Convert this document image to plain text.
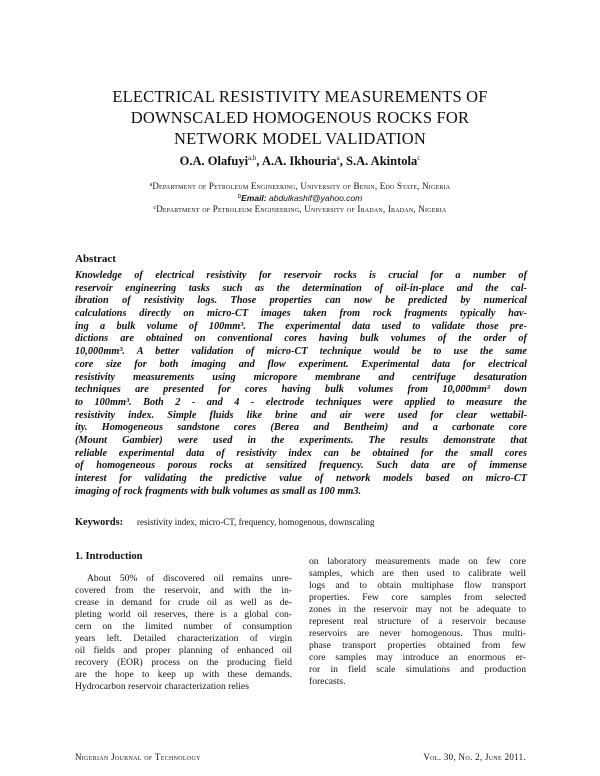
ELECTRICAL RESISTIVITY MEASUREMENTS OF
DOWNSCALED HOMOGENOUS ROCKS FOR
NETWORK MODEL VALIDATION
O.A. Olafuyi$^{a,b}$, A.A. Ikhouria$^a$, S.A. Akintola$^c$
$^a$Department of Petroleum Engineering, University of Benin, Edo State, Nigeria
$^b$Email: abdulkashif@yahoo.com
$^c$Department of Petroleum Engineering, University of Ibadan, Ibadan, Nigeria
Abstract
Knowledge of electrical resistivity for reservoir rocks is crucial for a number of
reservoir engineering tasks such as the determination of oil-in-place and the cal-
ibration of resistivity logs. Those properties can now be predicted by numerical
calculations directly on micro-CT images taken from rock fragments typically hav-
ing a bulk volume of 100mm³. The experimental data used to validate those pre-
dictions are obtained on conventional cores having bulk volumes of the order of
10,000mm³. A better validation of micro-CT technique would be to use the same
core size for both imaging and flow experiment. Experimental data for electrical
resistivity measurements using micropore membrane and centrifuge desaturation
techniques are presented for cores having bulk volumes from 10,000mm³ down
to 100mm³. Both 2 - and 4 - electrode techniques were applied to measure the
resistivity index. Simple fluids like brine and air were used for clear wettabil-
ity. Homogeneous sandstone cores (Berea and Bentheim) and a carbonate core
(Mount Gambier) were used in the experiments. The results demonstrate that
reliable experimental data of resistivity index can be obtained for the small cores
of homogeneous porous rocks at sensitized frequency. Such data are of immense
interest for validating the predictive value of network models based on micro-CT
imaging of rock fragments with bulk volumes as small as 100 mm3.
Keywords: resistivity index, micro-CT, frequency, homogenous, downscaling
1. Introduction
About 50% of discovered oil remains unre-
covered from the reservoir, and with the in-
crease in demand for crude oil as well as de-
pleting world oil reserves, there is a global con-
cern on the limited number of consumption
years left. Detailed characterization of virgin
oil fields and proper planning of enhanced oil
recovery (EOR) process on the producing field
are the hope to keep up with these demands.
Hydrocarbon reservoir characterization relies
on laboratory measurements made on few core
samples, which are then used to calibrate well
logs and to obtain multiphase flow transport
properties. Few core samples from selected
zones in the reservoir may not be adequate to
represent real structure of a reservoir because
reservoirs are never homogenous. Thus multi-
phase transport properties obtained from few
core samples may introduce an enormous er-
ror in field scale simulations and production
forecasts.
Nigerian Journal of Technology	Vol. 30, No. 2, June 2011.
